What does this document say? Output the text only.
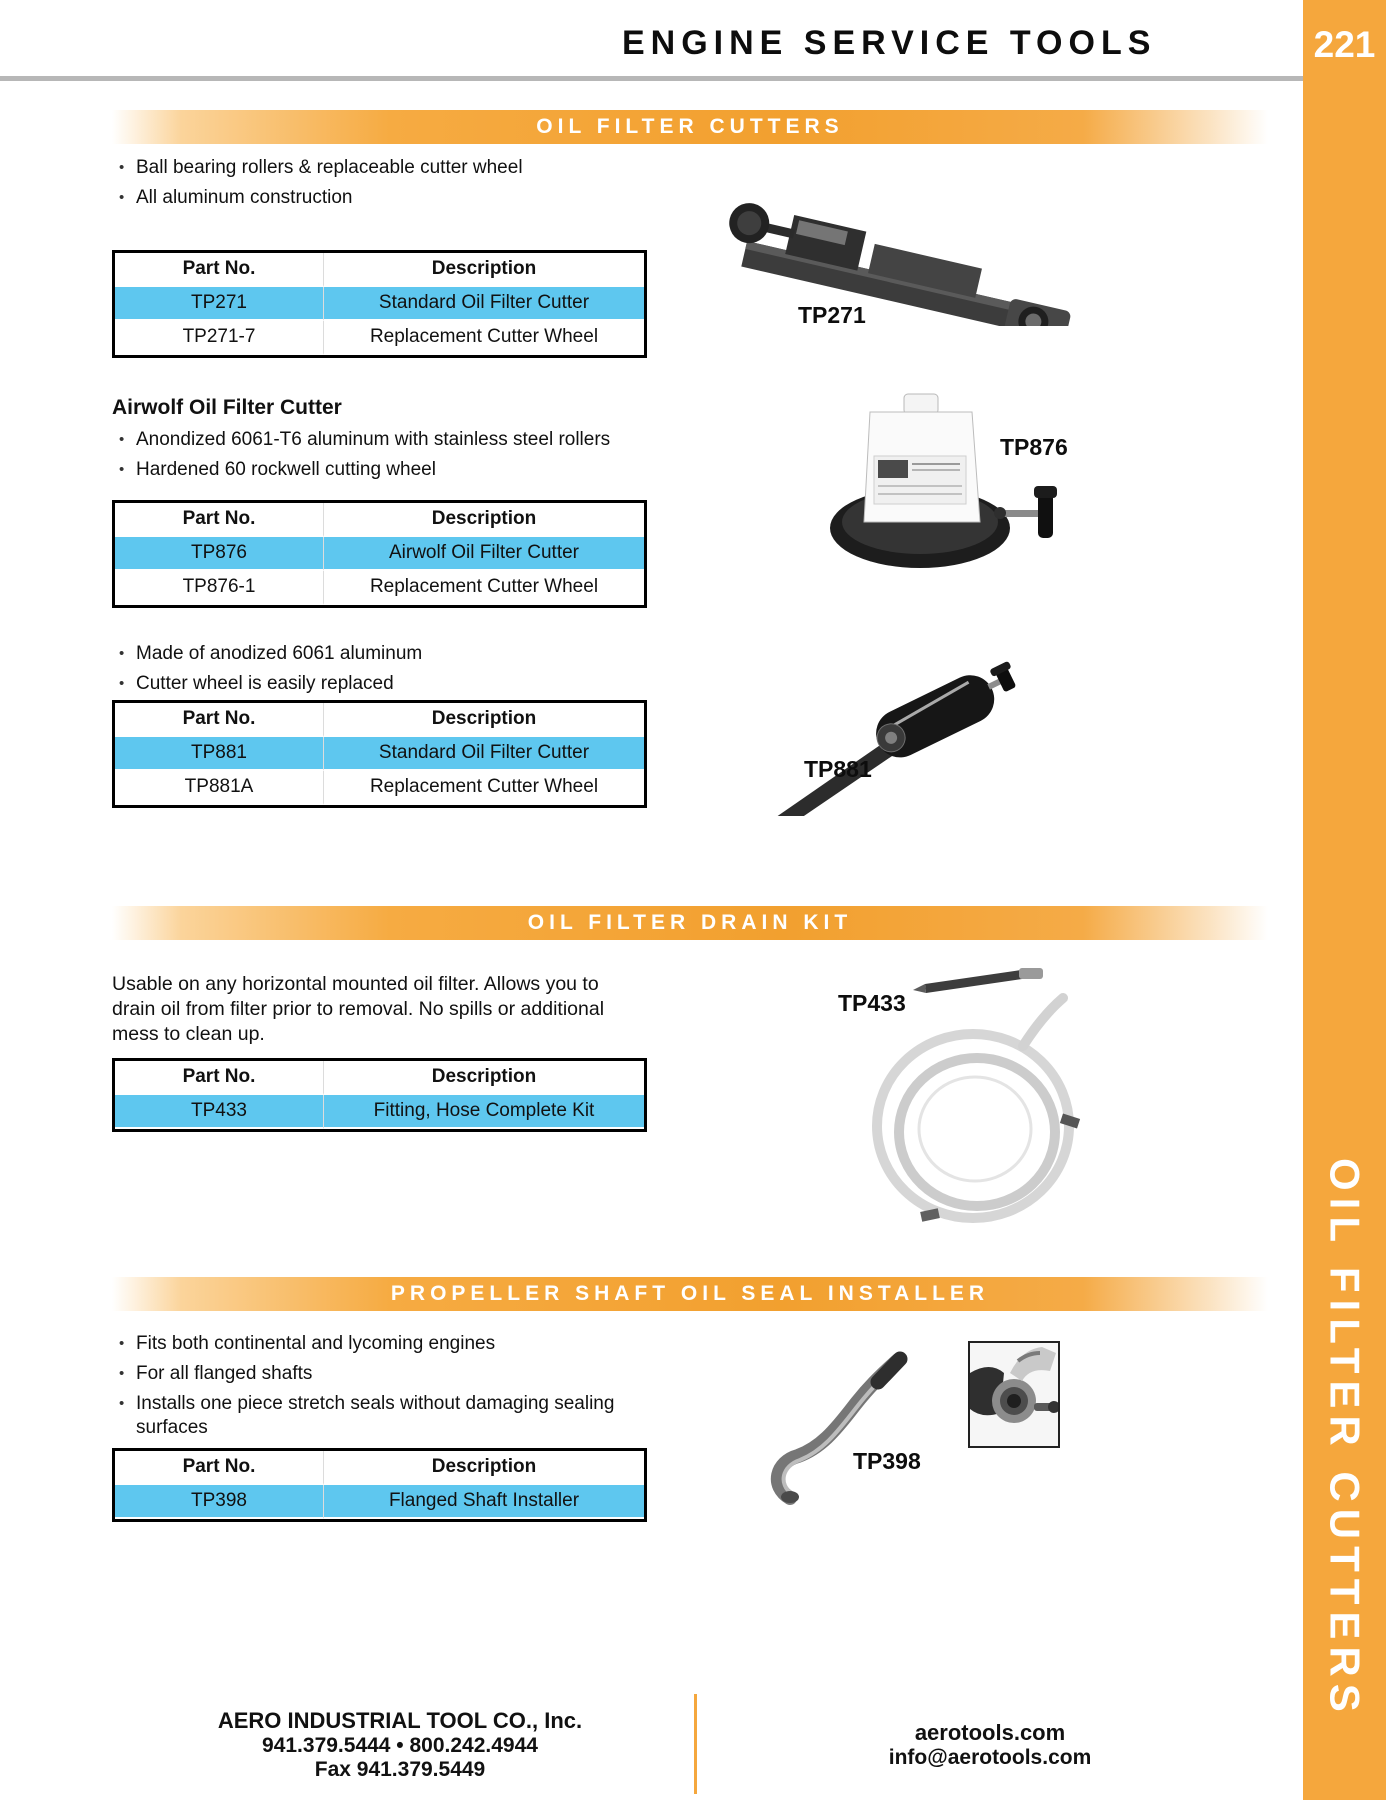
ENGINE SERVICE TOOLS	221
OIL FILTER CUTTERS
OIL FILTER CUTTERS
• Ball bearing rollers & replaceable cutter wheel
• All aluminum construction
Part No.	Description
TP271	Standard Oil Filter Cutter
TP271-7	Replacement Cutter Wheel
Airwolf Oil Filter Cutter
• Anondized 6061-T6 aluminum with stainless steel rollers
• Hardened 60 rockwell cutting wheel
Part No.	Description
TP876	Airwolf Oil Filter Cutter
TP876-1	Replacement Cutter Wheel
• Made of anodized 6061 aluminum
• Cutter wheel is easily replaced
Part No.	Description
TP881	Standard Oil Filter Cutter
TP881A	Replacement Cutter Wheel
OIL FILTER DRAIN KIT

Usable on any horizontal mounted oil filter. Allows you to drain oil from filter prior to removal. No spills or additional mess to clean up.

Part No.	Description
TP433	Fitting, Hose Complete Kit
PROPELLER SHAFT OIL SEAL INSTALLER
• Fits both continental and lycoming engines
• For all flanged shafts
• Installs one piece stretch seals without damaging sealing surfaces
Part No.	Description
TP398	Flanged Shaft Installer
TP271
TP876
TP881
TP433
TP398
AERO INDUSTRIAL TOOL CO., Inc.
941.379.5444 • 800.242.4944
Fax 941.379.5449
aerotools.com
info@aerotools.com
